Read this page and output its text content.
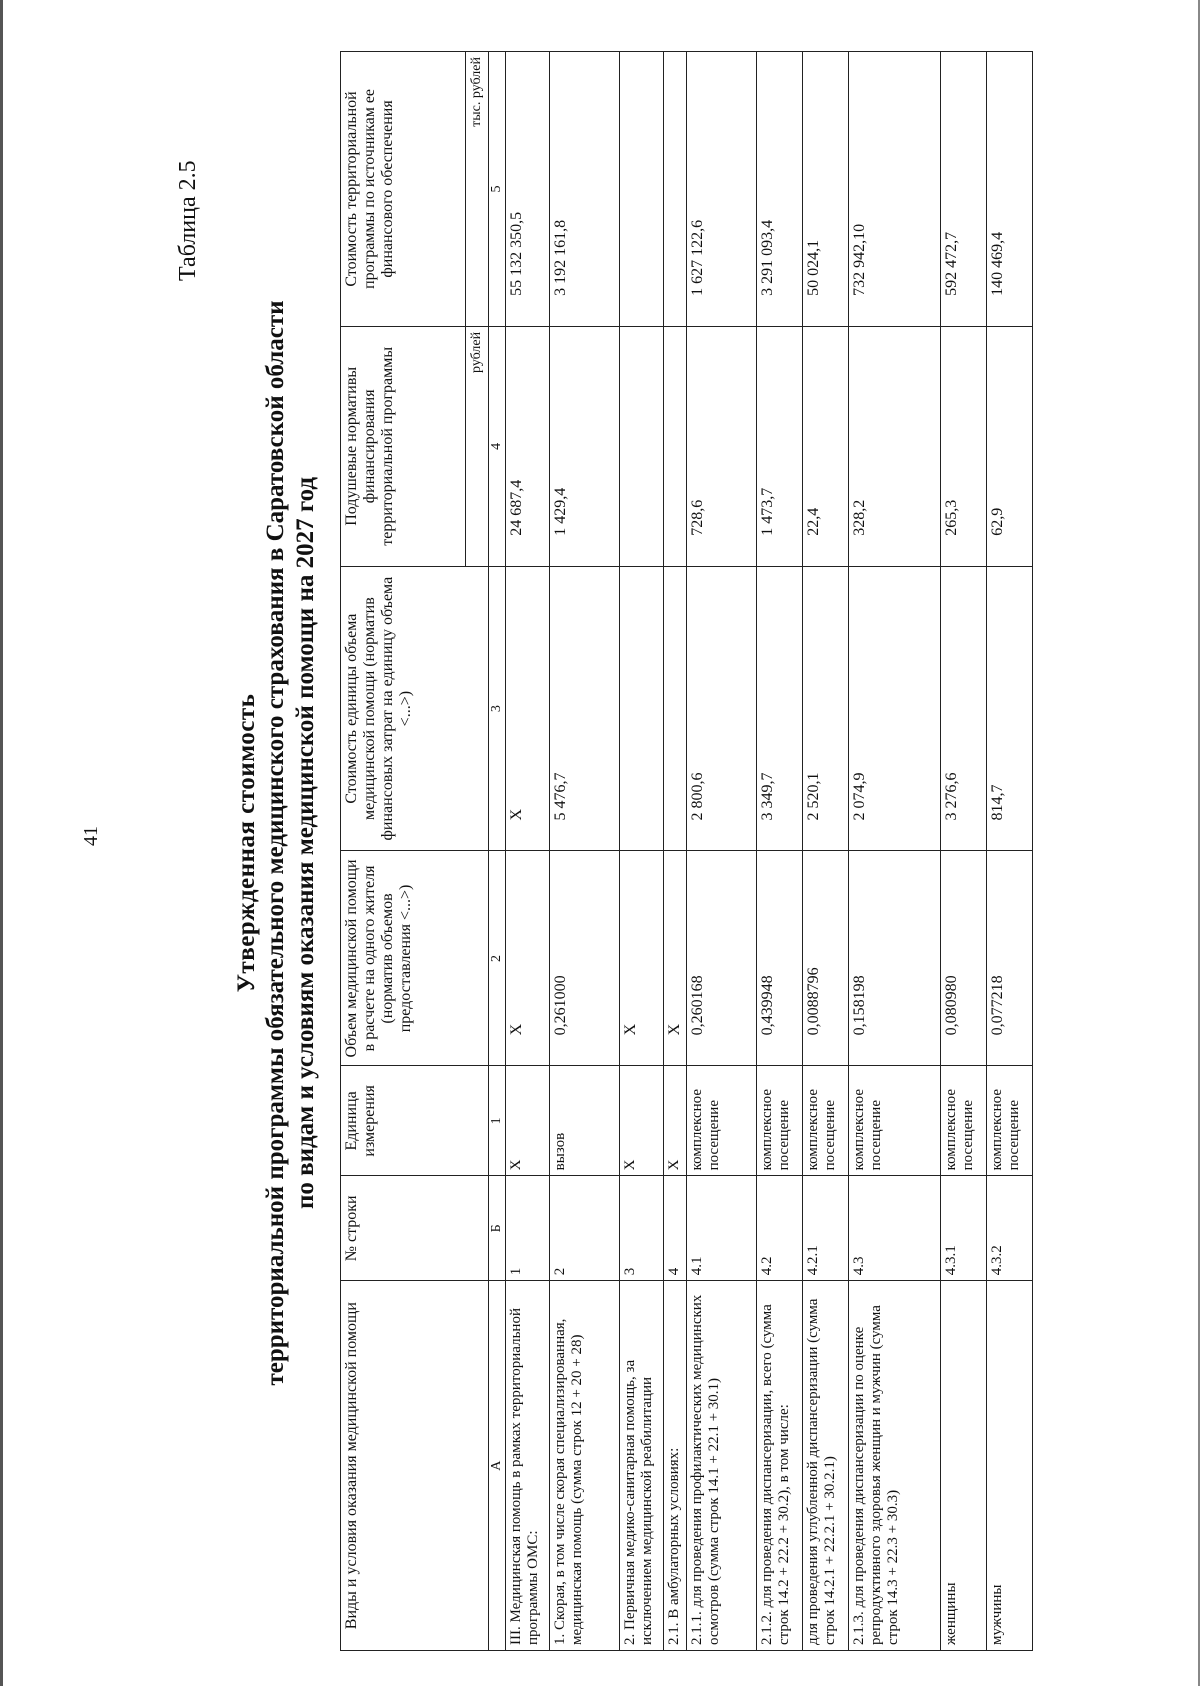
41
Таблица 2.5
Утвержденная стоимость территориальной программы обязательного медицинского страхования в Саратовской области по видам и условиям оказания медицинской помощи на 2027 год
Виды и условия оказания медицинской помощи	№ строки	Единица измерения	Объем медицинской помощи в расчете на одного жителя (норматив объемов предоставления <...>)	Стоимость единицы объема медицинской помощи (норматив финансовых затрат на единицу объема <...>)	Подушевые нормативы финансирования территориальной программы	Стоимость территориальной программы по источникам ее финансового обеспечения
					рублей	тыс. рублей
А	Б	1	2	3	4	5
III. Медицинская помощь в рамках территориальной программы ОМС:	1	Х	Х	Х	24 687,4	55 132 350,5
1. Скорая, в том числе скорая специализированная, медицинская помощь (сумма строк 12 + 20 + 28)	2	вызов	0,261000	5 476,7	1 429,4	3 192 161,8
2. Первичная медико-санитарная помощь, за исключением медицинской реабилитации	3	Х	Х			
2.1. В амбулаторных условиях:	4	Х	Х			
2.1.1. для проведения профилактических медицинских осмотров (сумма строк 14.1 + 22.1 + 30.1)	4.1	комплексное посещение	0,260168	2 800,6	728,6	1 627 122,6
2.1.2. для проведения диспансеризации, всего (сумма строк 14.2 + 22.2 + 30.2), в том числе:	4.2	комплексное посещение	0,439948	3 349,7	1 473,7	3 291 093,4
для проведения углубленной диспансеризации (сумма строк 14.2.1 + 22.2.1 + 30.2.1)	4.2.1	комплексное посещение	0,0088796	2 520,1	22,4	50 024,1
2.1.3. для проведения диспансеризации по оценке репродуктивного здоровья женщин и мужчин (сумма строк 14.3 + 22.3 + 30.3)	4.3	комплексное посещение	0,158198	2 074,9	328,2	732 942,10
женщины	4.3.1	комплексное посещение	0,080980	3 276,6	265,3	592 472,7
мужчины	4.3.2	комплексное посещение	0,077218	814,7	62,9	140 469,4
